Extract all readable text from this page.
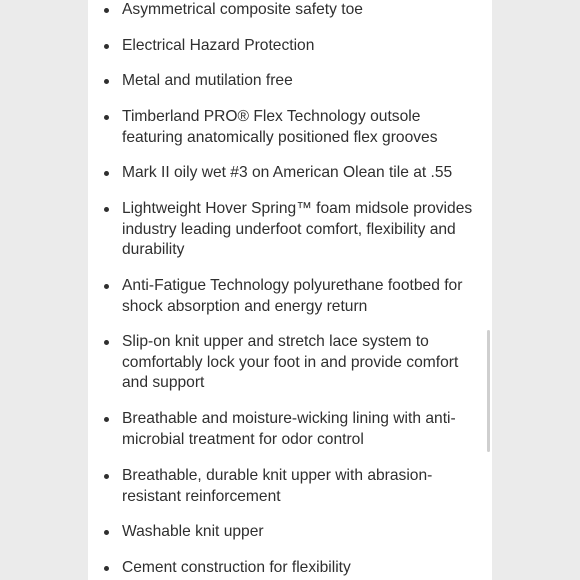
Asymmetrical composite safety toe
Electrical Hazard Protection
Metal and mutilation free
Timberland PRO® Flex Technology outsole featuring anatomically positioned flex grooves
Mark II oily wet #3 on American Olean tile at .55
Lightweight Hover Spring™ foam midsole provides industry leading underfoot comfort, flexibility and durability
Anti-Fatigue Technology polyurethane footbed for shock absorption and energy return
Slip-on knit upper and stretch lace system to comfortably lock your foot in and provide comfort and support
Breathable and moisture-wicking lining with anti-microbial treatment for odor control
Breathable, durable knit upper with abrasion-resistant reinforcement
Washable knit upper
Cement construction for flexibility
